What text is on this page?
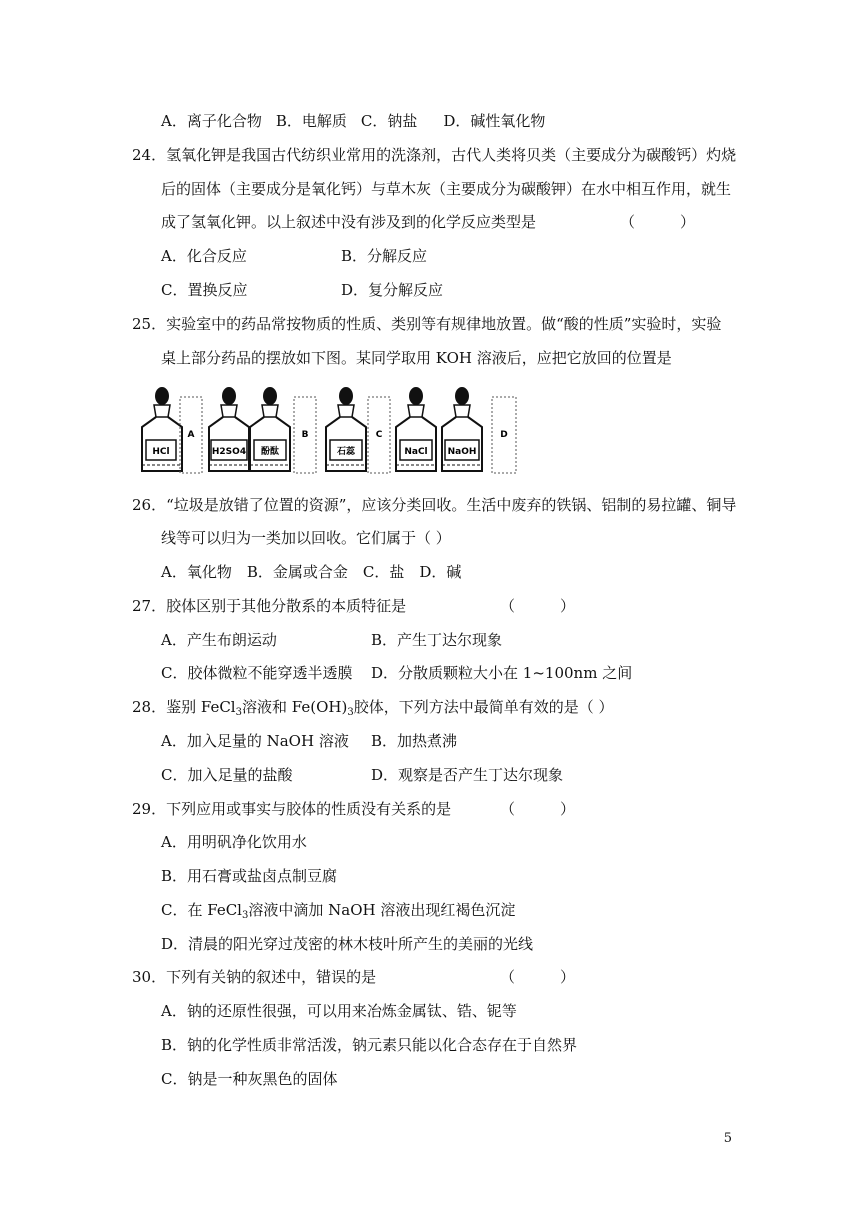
A．离子化合物 B．电解质 C．钠盐 D．碱性氧化物
24．氢氧化钾是我国古代纺织业常用的洗涤剂，古代人类将贝类（主要成分为碳酸钙）灼烧
后的固体（主要成分是氧化钙）与草木灰（主要成分为碳酸钾）在水中相互作用，就生
成了氢氧化钾。以上叙述中没有涉及到的化学反应类型是	（　　　）
A．化合反应	B．分解反应
C．置换反应	D．复分解反应
25．实验室中的药品常按物质的性质、类别等有规律地放置。做“酸的性质”实验时，实验
桌上部分药品的摆放如下图。某同学取用 KOH 溶液后，应把它放回的位置是
HCl
A
H2SO4 酚酞
B
石蕊
C
NaCl NaOH
D
26．“垃圾是放错了位置的资源”，应该分类回收。生活中废弃的铁锅、铝制的易拉罐、铜导
线等可以归为一类加以回收。它们属于（ ）
A．氧化物　B．金属或合金　C．盐　D．碱
27．胶体区别于其他分散系的本质特征是	（　　　）
A．产生布朗运动	B．产生丁达尔现象
C．胶体微粒不能穿透半透膜 D．分散质颗粒大小在 1~100nm 之间
28．鉴别 FeCl$_3$溶液和 $Fe(OH)_3$胶体，下列方法中最简单有效的是（ ）
A．加入足量的 NaOH 溶液 B．加热煮沸
C．加入足量的盐酸	D．观察是否产生丁达尔现象
29．下列应用或事实与胶体的性质没有关系的是	（　　　）
A．用明矾净化饮用水
B．用石膏或盐卤点制豆腐
C．在 FeCl$_3$溶液中滴加 NaOH 溶液出现红褐色沉淀
D．清晨的阳光穿过茂密的林木枝叶所产生的美丽的光线
30．下列有关钠的叙述中，错误的是	（　　　）
A．钠的还原性很强，可以用来冶炼金属钛、锆、铌等
B．钠的化学性质非常活泼，钠元素只能以化合态存在于自然界
C．钠是一种灰黑色的固体
5
